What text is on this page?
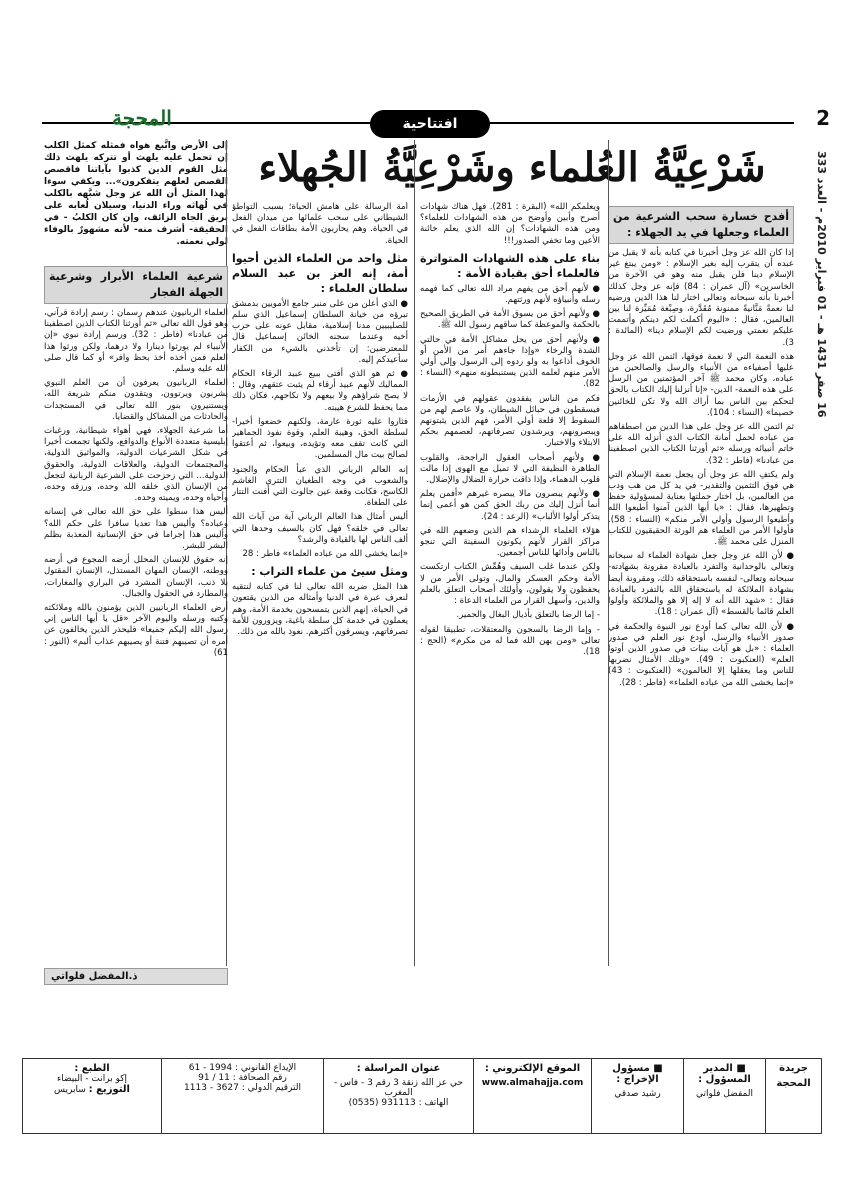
2
16 صفر 1431 هـ - 01 فبراير 2010م - العدد 333
افتتاحية
المحجة
شَرْعِيَّةُ العُلماء وشَرْعِيَّةُ الجُهلاء
إلى الأرض واتَّبع هواه فمثله كمثل الكلب إن تحمل عليه يلهث أو تتركه يلهث ذلك مثل القوم الذين كذبوا بآياتنا فاقصص القصص لعلهم يتفكرون»... ويكفي سوءا لهذا المثل أن الله عز وجل شبَّهه بالكلب في لُهاثه وراء الدنيا، وسيلان لُعابه على بريق الجاه الزائف، وإن كان الكلبُ - في الحقيقة- أشرف منه- لأنه مشهورٌ بالوفاء لولي نعمته.
أفدح خسارة سحب الشرعية من العلماء وجعلها في يد الجهلاء :

إذا كان الله عز وجل أخبرنا في كتابه بأنه لا يقبل من عبده أن يتقرب إليه بغير الإسلام : «ومن يبتغ غير الإسلام دينا فلن يقبل منه وهو في الآخرة من الخاسرين» (آل عمران : 84) فإنه عز وجل كذلك أخبرنا بأنه سبحانه وتعالى اختار لنا هذا الدين ورضيه لنا نعمةً مَنَّانيةً ممنونة مُقَدَّرة، وصِبْغة مُمَيِّزة لنا بين العالمين، فقال : «اليوم أكملت لكم دينكم وأتممت عليكم نعمتي ورضيت لكم الإسلام دينا» (المائدة : 3).

هذه النعمة التي لا نعمة فوقها، ائتمن الله عز وجل عليها أصفياءه من الأنبياء والرسل والصالحين من عباده، وكان محمد ﷺ آخر المؤتمنين من الرسل على هذه النعمة- الدين- «إنا أنزلنا إليك الكتاب بالحق لتحكم بين الناس بما أراك الله ولا تكن للخائنين خصيما» (النساء : 104).

ثم ائتمن الله عز وجل على هذا الدين من اصطفاهم من عباده لحمل أمانة الكتاب الذي أنزله الله على خاتم أنبيائه ورسله «ثم أورثنا الكتاب الذين اصطفينا من عبادنا» (فاطر : 32).

ولم يكتفِ الله عز وجل أن يجعل نعمة الإسلام التي هي فوق التثمين والتقدير- في يد كل من هب ودب من العالمين، بل اختار حملتها بعناية لمسؤولية حفظ وتطهيرها، فقال : «يا أيها الذين آمنوا أطيعوا الله وأطيعوا الرسول وأولي الأمر منكم» (النساء : 58). فأولوا الأمر من العلماء هم الورثة الحقيقيون للكتاب المنزل على محمد ﷺ.

● لأن الله عز وجل جعل شهادة العلماء له سبحانه وتعالى بالوحدانية والتفرد بالعبادة مقرونة بشهادته- سبحانه وتعالى- لنفسه باستحقاقه ذلك، ومقرونة أيضا بشهادة الملائكة له باستحقاق الله بالتفرد بالعبادة، فقال : «شهد الله أنه لا إله إلا هو والملائكة وأولوا العلم قائما بالقسط» (آل عمران : 18).

● لأن الله تعالى كما أودع نور النبوة والحكمة في صدور الأنبياء والرسل، أودع نور العلم في صدور العلماء : «بل هو آيات بينات في صدور الذين أوتوا العلم» (العنكبوت : 49). «وتلك الأمثال نضربها للناس وما يعقلها إلا العالمون» (العنكبوت : 43) «إنما يخشى الله من عباده العلماء» (فاطر : 28).

ويعلمكم الله» (البقرة : 281). فهل هناك شهادات أصرح وأبين وأوضح من هذه الشهادات للعلماء؟ ومن هذه الشهادات؟ إن الله الذي يعلم خائنة الأعين وما تخفي الصدور!!!

بناء على هذه الشهادات المتواترة فالعلماء أحق بقيادة الأمة :

● لأنهم أحق من يفهم مراد الله تعالى كما فهمه رسله وأنبياؤه لأنهم ورثتهم.

● ولأنهم أحق من يسوق الأمة في الطريق الصحيح بالحكمة والموعظة كما ساقهم رسول الله ﷺ.

● ولأنهم أحق من يحل مشاكل الأمة في حالتي الشدة والرخاء «وإذا جاءهم أمر من الأمن أو الخوف أذاعوا به ولو ردوه إلى الرسول وإلى أولي الأمر منهم لعلمه الذين يستنبطونه منهم» (النساء : 82).

فكم من الناس يفقدون عقولهم في الأزمات فيسقطون في حبائل الشيطان، ولا عاصم لهم من السقوط إلا قلعة أولي الأمر، فهم الذين يثبتونهم ويبصرونهم، ويرشدون تصرفاتهم، لعصمهم بحكم الابتلاء والاختبار.

● ولأنهم أصحاب العقول الراجحة، والقلوب الطاهرة النظيفة التي لا تميل مع الهوى إذا مالت قلوب الدهماء، وإذا ذاقت حرارة الضلال والإضلال.

● ولأنهم يبصرون مالا يبصره غيرهم «أفمن يعلم أنما أنزل إليك من ربك الحق كمن هو أعمى إنما يتذكر أولوا الألباب» (الرعد : 24).

هؤلاء العلماء الرشداء هم الذين وضعهم الله في مراكز القرار لأنهم يكونون السفينة التي تنجو بالناس وأدائها للناس أجمعين.

ولكن عندما غلب السيف وهُمِّش الكتاب ارتكست الأمة وحكم العسكر والمال، وتولى الأمر من لا يحفظون ولا يقولون، وأولئك أصحاب التعلق بالعلم والدين، وأسهل القرار من العلماء الدعاة :

- إما الرضا بالتعلق بأذيال البغال والحمير.

- وإما الرضا بالسجون والمعتقلات، تطبيقا لقوله تعالى «ومن يهن الله فما له من مكرم» (الحج : 18).

أمة الرسالة على هامش الحياة؛ بسبب التواطؤ الشيطاني على سحب علمائها من ميدان الفعل في الحياة. وهم يحاربون الأمة بطاقات الفعل في الحياة.

مثل واحد من العلماء الذين أحيوا أمة، إنه العز بن عبد السلام سلطان العلماء :

● الذي أعلن من على منبر جامع الأمويين بدمشق تبرؤه من خيانة السلطان إسماعيل الذي سلم للصليبيين مدنا إسلامية، مقابل عونه على حرب أخيه وعندما سجنه الخائن إسماعيل قال للمعترضين: إن تأخذني بالشيء من الكفار سأعيدكم إليه.

● ثم هو الذي أفتى ببيع عبيد الرقاء الحكام المماليك لأنهم عبيد أرقاء لم يثبت عتقهم، وقال : لا يصح شراؤهم ولا بيعهم ولا نكاحهم، فكان ذلك مما يحفظ للشرع هيبته.

فثاروا عليه ثورة عارمة، ولكنهم خضعوا أخيرا- لسلطة الحق، وهيبة العلم، وقوة نفوذ الجماهير التي كانت تقف معه وتؤيده، وبيعوا، ثم أعتقوا لصالح بيت مال المسلمين.

إنه العالم الرباني الذي عبأ الحكام والجنود والشعوب في وجه الطغيان التتري الغاشم الكاسح، فكانت وقعة عين جالوت التي أفنت التتار على الطغاة.

أليس أمثال هذا العالم الرباني آية من آيات الله تعالى في خلقه؟ فهل كان بالسيف وحدها التي ألف الناس لها بالقيادة والرشد؟

«إنما يخشى الله من عباده العلماء» فاطر : 28

ومثل سيئ من علماء التراب :

هذا المثل ضربه الله تعالى لنا في كتابه لنتقيه لنعرف عبرة في الدنيا وأمثاله من الذين يقتعون في الحياة، إنهم الذين يتمسحون بخدمة الأمة، وهم يعملون في خدمة كل سلطة باغية، ويزورون للأمة تصرفاتهم، ويسرقون أكثرهم. نعوذ بالله من ذلك.

شرعية العلماء الأبرار وشرعية الجهلة الفجار

العلماء الربانيون عندهم رسمان : رسم إرادة قرآني، وهو قول الله تعالى «ثم أورثنا الكتاب الذين اصطفينا من عبادنا» (فاطر : 32). ورسم إرادة نبوي «إن الأنبياء لم يورثوا دينارا ولا درهما، ولكن ورثوا هذا العلم فمن أخذه أخذ بحظ وافر» أو كما قال صلى الله عليه وسلم.

العلماء الربانيون يعرفون أن من العلم النبوي يشربون ويرتوون، ويتقدون منكم شريعة الله، ويستنيرون بنور الله تعالى في المستجدات والحادثات من المشاكل والقضايا.

أما شرعية الجهلاء، فهي أهواء شيطانية، ورغبات إبليسية متعددة الأنواع والدوافع، ولكنها تجمعت أخيرا في شكل الشرعيات الدولية، والمواثيق الدولية، والمجتمعات الدولية، والعلاقات الدولية، والحقوق الدولية... التي زحزحت على الشرعية الربانية لتجعل من الإنسان الذي خلقه الله وحده، ورزقه وحده، وأحياه وحده، ويميته وحده.

أليس هذا سطوا على حق الله تعالى في إنسانه وعباده؟ وأليس هذا تعديا سافرا على حكم الله؟ وأليس هذا إجراما في حق الإنسانية المعذبة بظلم البشر للبشر.

إنه حقوق للإنسان المحلل أرضه المجوع في أرضه ووطنه، الإنسان المهان المستذل، الإنسان المقتول بلا ذنب، الإنسان المشرد في البراري والمغارات، والمطارد في الحقول والجبال.

أرض العلماء الربانيين الذين يؤمنون بالله وملائكته وكتبه ورسله واليوم الآخر «قل يا أيها الناس إني رسول الله إليكم جميعا» فليحذر الذين يخالفون عن أمره أن تصيبهم فتنة أو يصيبهم عذاب أليم» (النور : 61)

ذ.المفضل فلواتي
جريدة
المحجة
■ المدير المسؤول :
المفضل فلواتي
■ مسؤول الإخراج :
رشيد صدقي
الموقع الإلكتروني :
www.almahajja.com
عنوان المراسلة :
حي عز الله زنقة 3 رقم 3 - فاس - المغرب
الهاتف : 931113 (0535)
الإيداع القانوني : 1994 - 61
رقم الصحافة : 11 / 91
الترقيم الدولي : 3627 - 1113
الطبع :
إكو برانت - البيضاء
التوزيع : سابريس
